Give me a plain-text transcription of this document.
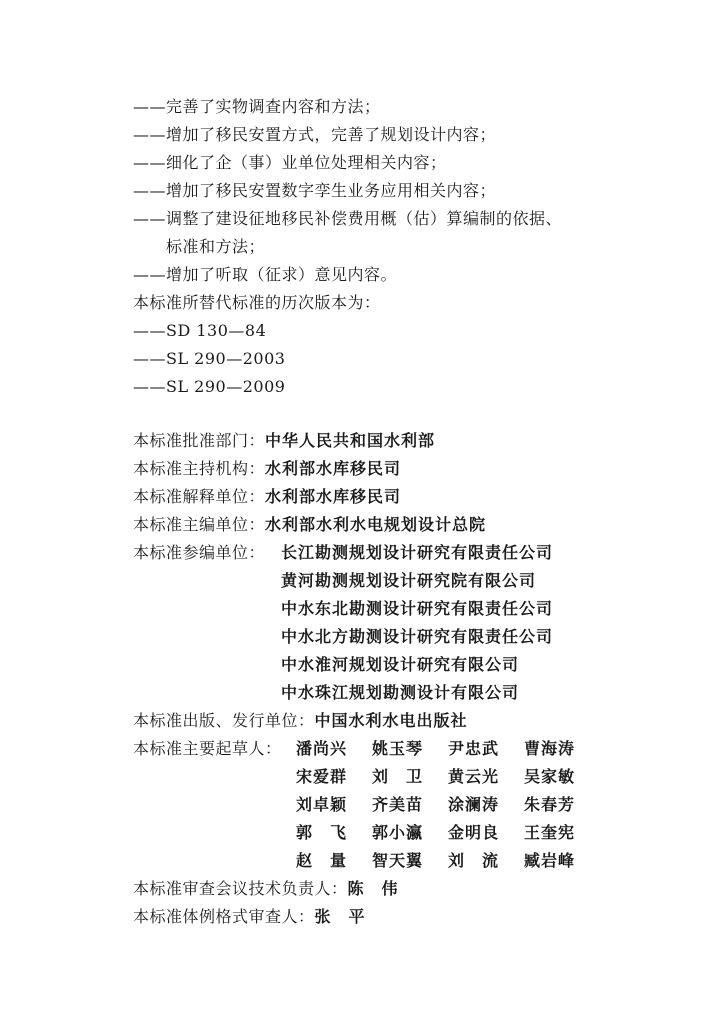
——完善了实物调查内容和方法；
——增加了移民安置方式，完善了规划设计内容；
——细化了企（事）业单位处理相关内容；
——增加了移民安置数字孪生业务应用相关内容；
——调整了建设征地移民补偿费用概（估）算编制的依据、
标准和方法；
——增加了听取（征求）意见内容。
本标准所替代标准的历次版本为：
——SD 130—84
——SL 290—2003
——SL 290—2009
本标准批准部门：中华人民共和国水利部
本标准主持机构：水利部水库移民司
本标准解释单位：水利部水库移民司
本标准主编单位：水利部水利水电规划设计总院
本标准参编单位： 长江勘测规划设计研究有限责任公司
黄河勘测规划设计研究院有限公司
中水东北勘测设计研究有限责任公司
中水北方勘测设计研究有限责任公司
中水淮河规划设计研究有限公司
中水珠江规划勘测设计有限公司
本标准出版、发行单位：中国水利水电出版社
本标准主要起草人： 潘尚兴 姚玉琴 尹忠武 曹海涛
宋爱群 刘　卫 黄云光 吴家敏
刘卓颖 齐美苗 涂澜涛 朱春芳
郭　飞 郭小瀛 金明良 王奎宪
赵　量 智天翼 刘　流 臧岩峰
本标准审查会议技术负责人：陈　伟
本标准体例格式审查人：张　平
